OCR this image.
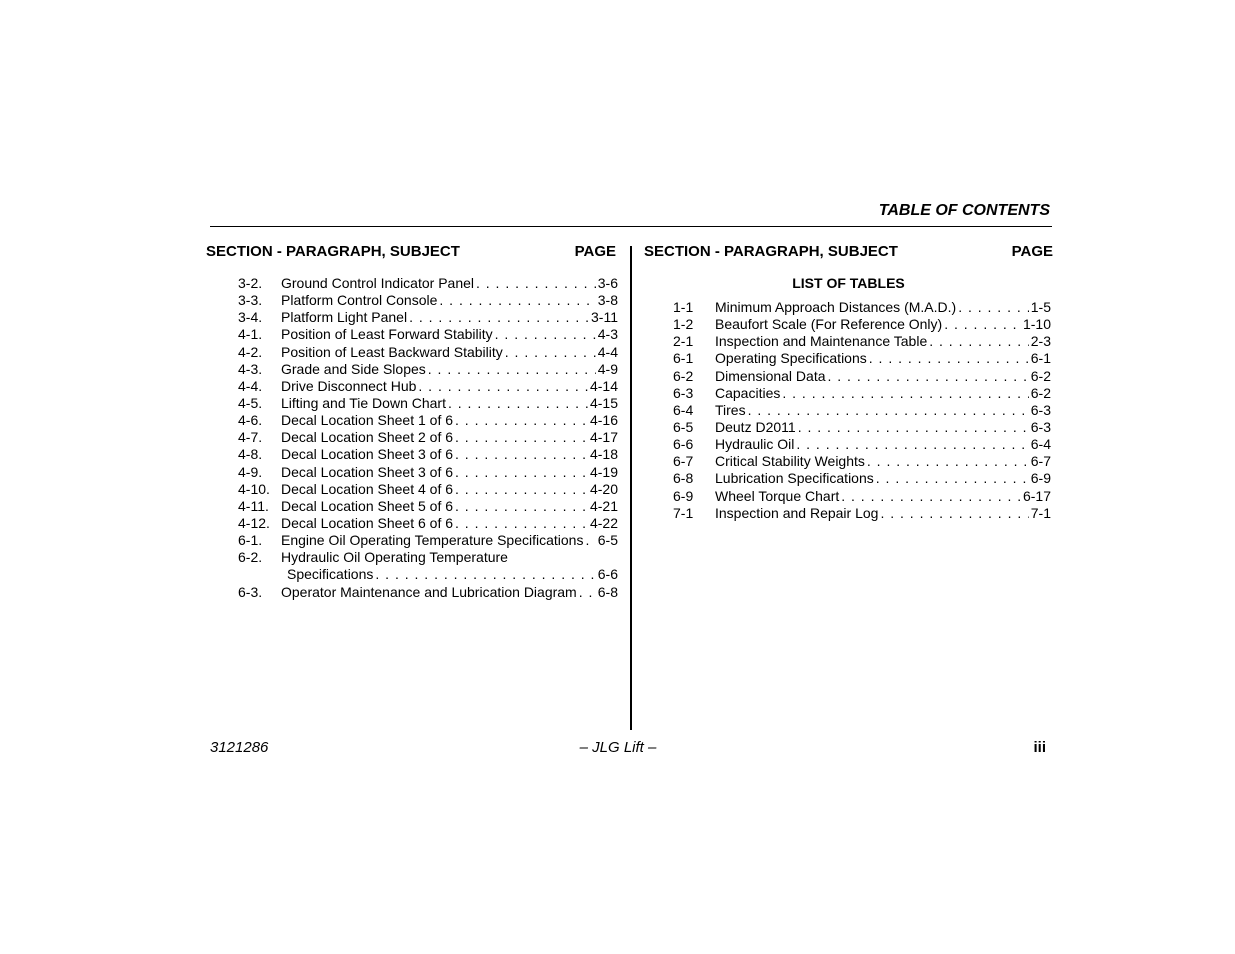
TABLE OF CONTENTS
SECTION - PARAGRAPH, SUBJECT	PAGE SECTION - PARAGRAPH, SUBJECT	PAGE
LIST OF TABLES
3-2.	Ground Control Indicator Panel . . .	3-6
3-3.	Platform Control Console . . .	3-8
3-4.	Platform Light Panel . . .	3-11
4-1.	Position of Least Forward Stability . . .	4-3
4-2.	Position of Least Backward Stability . . .	4-4
4-3.	Grade and Side Slopes . . .	4-9
4-4.	Drive Disconnect Hub . . .	4-14
4-5.	Lifting and Tie Down Chart . . .	4-15
4-6.	Decal Location Sheet 1 of 6 . . .	4-16
4-7.	Decal Location Sheet 2 of 6 . . .	4-17
4-8.	Decal Location Sheet 3 of 6 . . .	4-18
4-9.	Decal Location Sheet 3 of 6 . . .	4-19
4-10. Decal Location Sheet 4 of 6 . . .	4-20
4-11. Decal Location Sheet 5 of 6 . . .	4-21
4-12. Decal Location Sheet 6 of 6 . . .	4-22
6-1.	Engine Oil Operating Temperature Specifications . . . 6-5
6-2.	Hydraulic Oil Operating Temperature
Specifications . . .	6-6
6-3.	Operator Maintenance and Lubrication Diagram . . . 6-8
1-1	Minimum Approach Distances (M.A.D.) . . .	1-5
1-2	Beaufort Scale (For Reference Only) . . .	1-10
2-1	Inspection and Maintenance Table . . .	2-3
6-1	Operating Specifications . . .	6-1
6-2	Dimensional Data . . .	6-2
6-3	Capacities . . .	6-2
6-4	Tires . . .	6-3
6-5	Deutz D2011 . . .	6-3
6-6	Hydraulic Oil . . .	6-4
6-7	Critical Stability Weights . . .	6-7
6-8	Lubrication Specifications . . .	6-9
6-9	Wheel Torque Chart . . .	6-17
7-1	Inspection and Repair Log . . .	7-1
3121286	– JLG Lift –	iii
